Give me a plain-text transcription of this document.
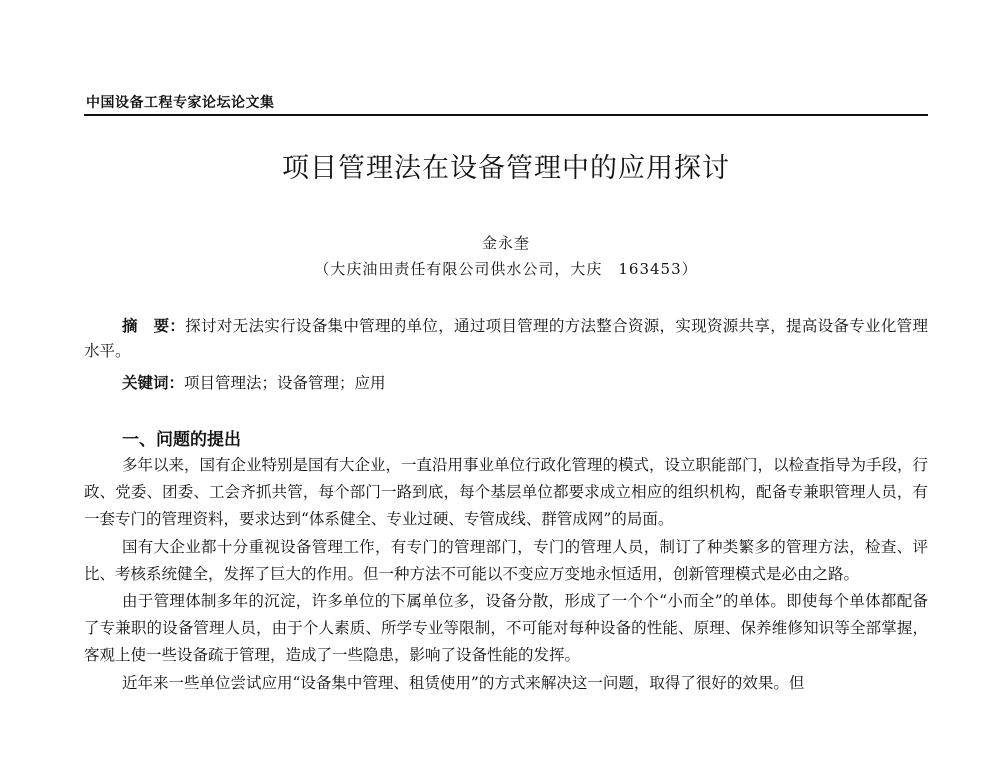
中国设备工程专家论坛论文集
项目管理法在设备管理中的应用探讨
金永奎
（大庆油田责任有限公司供水公司，大庆　163453）
摘　要：探讨对无法实行设备集中管理的单位，通过项目管理的方法整合资源，实现资源共享，提高设备专业化管理水平。
关键词：项目管理法；设备管理；应用
一、问题的提出

多年以来，国有企业特别是国有大企业，一直沿用事业单位行政化管理的模式，设立职能部门，以检查指导为手段，行政、党委、团委、工会齐抓共管，每个部门一路到底，每个基层单位都要求成立相应的组织机构，配备专兼职管理人员，有一套专门的管理资料，要求达到“体系健全、专业过硬、专管成线、群管成网”的局面。

国有大企业都十分重视设备管理工作，有专门的管理部门，专门的管理人员，制订了种类繁多的管理方法，检查、评比、考核系统健全，发挥了巨大的作用。但一种方法不可能以不变应万变地永恒适用，创新管理模式是必由之路。

由于管理体制多年的沉淀，许多单位的下属单位多，设备分散，形成了一个个“小而全”的单体。即使每个单体都配备了专兼职的设备管理人员，由于个人素质、所学专业等限制，不可能对每种设备的性能、原理、保养维修知识等全部掌握，客观上使一些设备疏于管理，造成了一些隐患，影响了设备性能的发挥。

近年来一些单位尝试应用“设备集中管理、租赁使用”的方式来解决这一问题，取得了很好的效果。但
